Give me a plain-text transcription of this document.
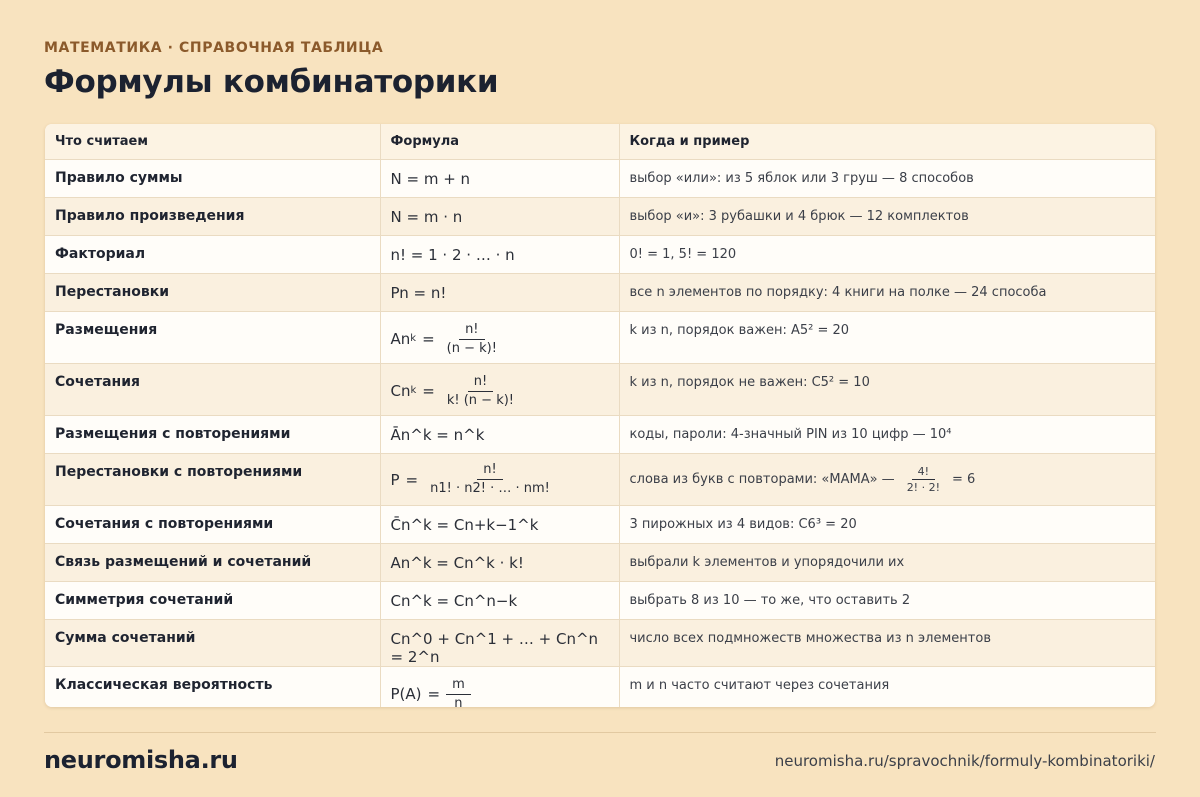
МАТЕМАТИКА · СПРАВОЧНАЯ ТАБЛИЦА
Формулы комбинаторики
Что считаем	Формула	Когда и пример
Правило суммы	N = m + n	выбор «или»: из 5 яблок или 3 груш — 8 способов
Правило произведения	N = m · n	выбор «и»: 3 рубашки и 4 брюк — 12 комплектов
Факториал	n! = 1 · 2 · … · n	0! = 1, 5! = 120
Перестановки	Pn = n!	все n элементов по порядку: 4 книги на полке — 24 способа
Размещения	An $k = \frac{n!}{(n - k)!}$	k из n, порядок важен: A5² = 20
Сочетания	Cn $k = \frac{n!}{k! (n - k)!}$	k из n, порядок не важен: C5² = 10
Размещения с повторениями	Ān^k = n^k	коды, пароли: 4-значный PIN из 10 цифр — 10⁴
Перестановки с повторениями	$P = \frac{n!}{n1! \cdot n2! \cdot \dots \cdot nm!}$	слова из букв с повторами: «МАМА» — $\frac{4!}{2! \cdot 2!} = 6$

Сочетания с повторениями	C̄n^k = Cn+k−1^k	3 пирожных из 4 видов: C6³ = 20
Связь размещений и сочетаний	An^k = Cn^k · k!	выбрали k элементов и упорядочили их
Симметрия сочетаний	Cn^k = Cn^n−k	выбрать 8 из 10 — то же, что оставить 2
Сумма сочетаний	Cn^0 + Cn^1 + … + Cn^n = 2^n	число всех подмножеств множества из n элементов
Классическая вероятность	$P(A) = \frac{m}{n}$	m и n часто считают через сочетания
neuromisha.ru	neuromisha.ru/spravochnik/formuly-kombinatoriki/
